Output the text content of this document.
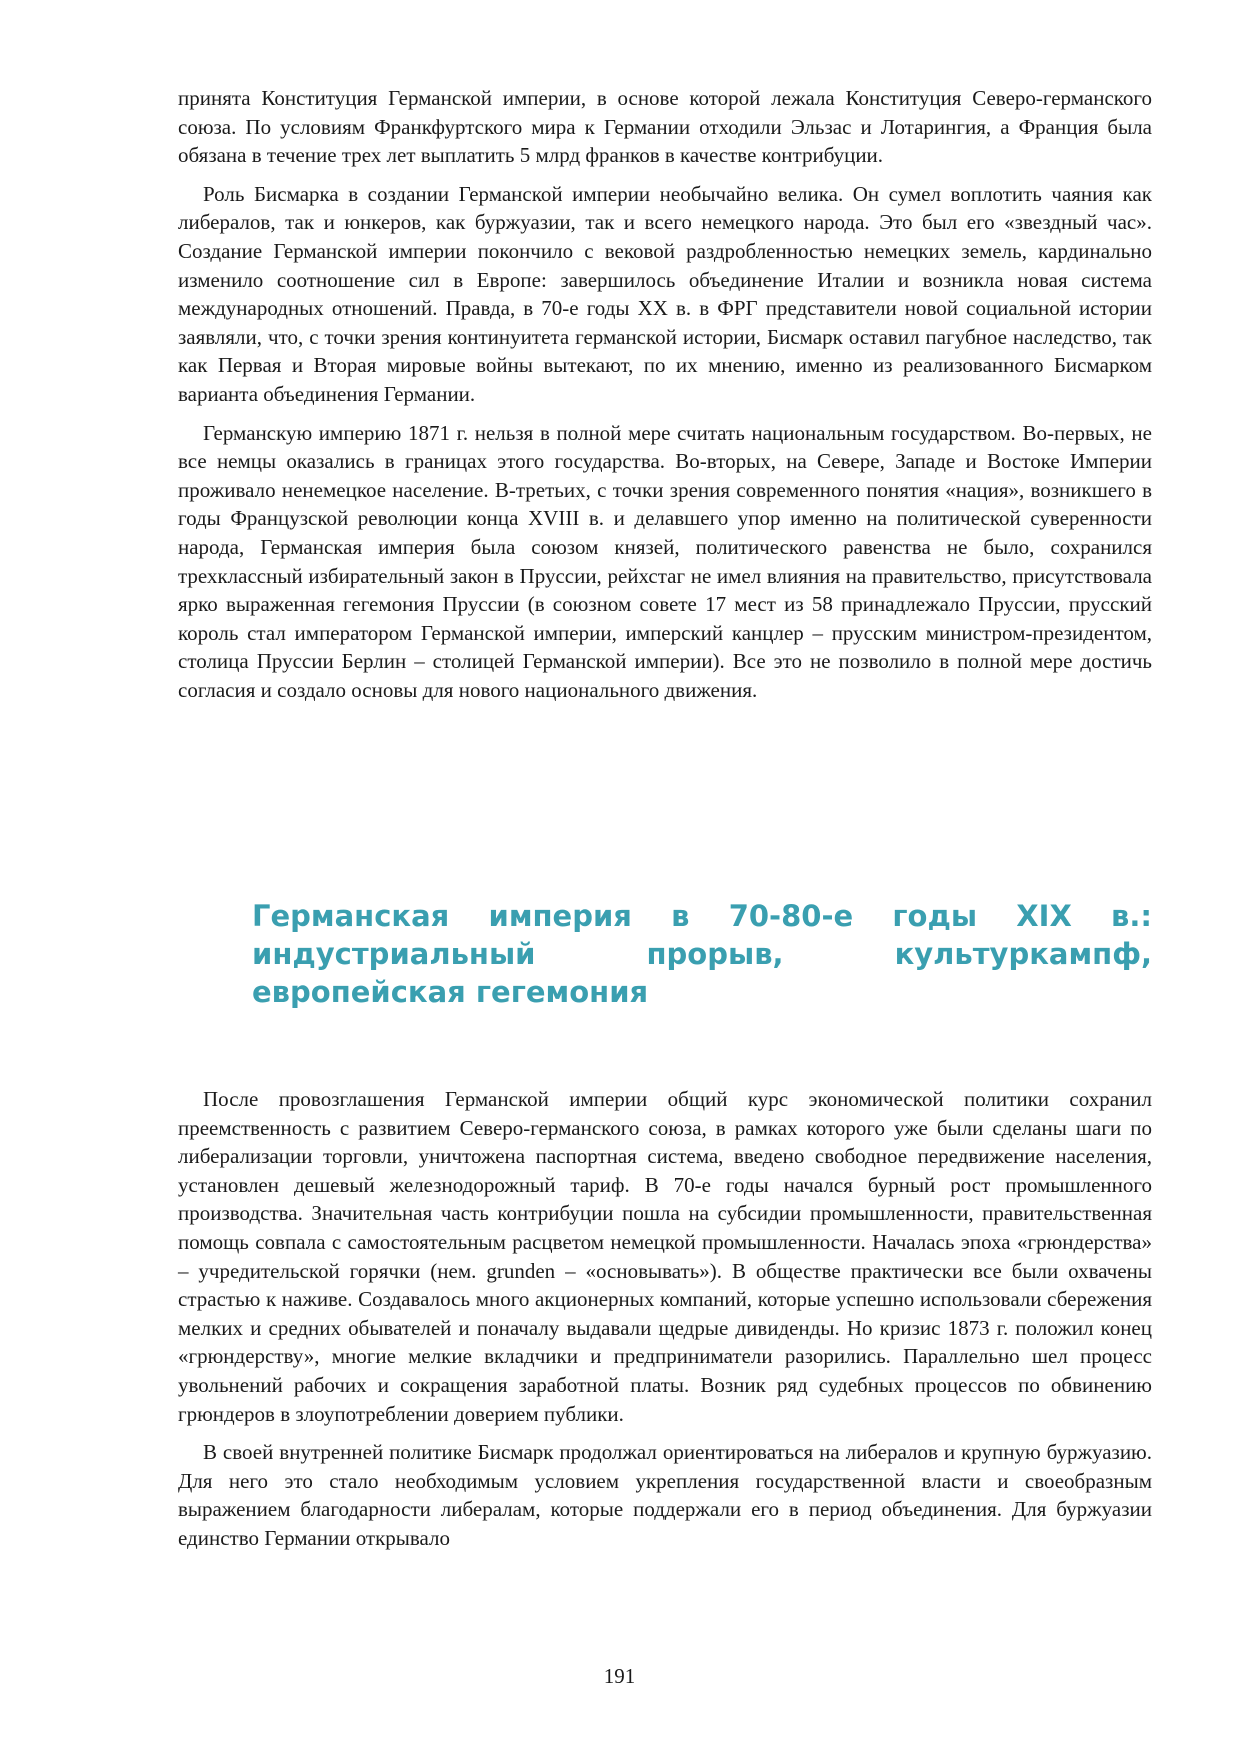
принята Конституция Германской империи, в основе которой лежала Конституция Северо-германского союза. По условиям Франкфуртского мира к Германии отходили Эльзас и Лотарингия, а Франция была обязана в течение трех лет выплатить 5 млрд франков в качестве контрибуции.

Роль Бисмарка в создании Германской империи необычайно велика. Он сумел воплотить чаяния как либералов, так и юнкеров, как буржуазии, так и всего немецкого народа. Это был его «звездный час». Создание Германской империи покончило с вековой раздробленностью немецких земель, кардинально изменило соотношение сил в Европе: завершилось объединение Италии и возникла новая система международных отношений. Правда, в 70-е годы XX в. в ФРГ представители новой социальной истории заявляли, что, с точки зрения континуитета германской истории, Бисмарк оставил пагубное наследство, так как Первая и Вторая мировые войны вытекают, по их мнению, именно из реализованного Бисмарком варианта объединения Германии.

Германскую империю 1871 г. нельзя в полной мере считать национальным государством. Во-первых, не все немцы оказались в границах этого государства. Во-вторых, на Севере, Западе и Востоке Империи проживало ненемецкое население. В-третьих, с точки зрения современного понятия «нация», возникшего в годы Французской революции конца XVIII в. и делавшего упор именно на политической суверенности народа, Германская империя была союзом князей, политического равенства не было, сохранился трехклассный избирательный закон в Пруссии, рейхстаг не имел влияния на правительство, присутствовала ярко выраженная гегемония Пруссии (в союзном совете 17 мест из 58 принадлежало Пруссии, прусский король стал императором Германской империи, имперский канцлер – прусским министром-президентом, столица Пруссии Берлин – столицей Германской империи). Все это не позволило в полной мере достичь согласия и создало основы для нового национального движения.

Германская империя в 70-80-е годы XIX в.: индустриальный прорыв, культуркампф, европейская гегемония

После провозглашения Германской империи общий курс экономической политики сохранил преемственность с развитием Северо-германского союза, в рамках которого уже были сделаны шаги по либерализации торговли, уничтожена паспортная система, введено свободное передвижение населения, установлен дешевый железнодорожный тариф. В 70-е годы начался бурный рост промышленного производства. Значительная часть контрибуции пошла на субсидии промышленности, правительственная помощь совпала с самостоятельным расцветом немецкой промышленности. Началась эпоха «грюндерства» – учредительской горячки (нем. grunden – «основывать»). В обществе практически все были охвачены страстью к наживе. Создавалось много акционерных компаний, которые успешно использовали сбережения мелких и средних обывателей и поначалу выдавали щедрые дивиденды. Но кризис 1873 г. положил конец «грюндерству», многие мелкие вкладчики и предприниматели разорились. Параллельно шел процесс увольнений рабочих и сокращения заработной платы. Возник ряд судебных процессов по обвинению грюндеров в злоупотреблении доверием публики.

В своей внутренней политике Бисмарк продолжал ориентироваться на либералов и крупную буржуазию. Для него это стало необходимым условием укрепления государственной власти и своеобразным выражением благодарности либералам, которые поддержали его в период объединения. Для буржуазии единство Германии открывало

191
